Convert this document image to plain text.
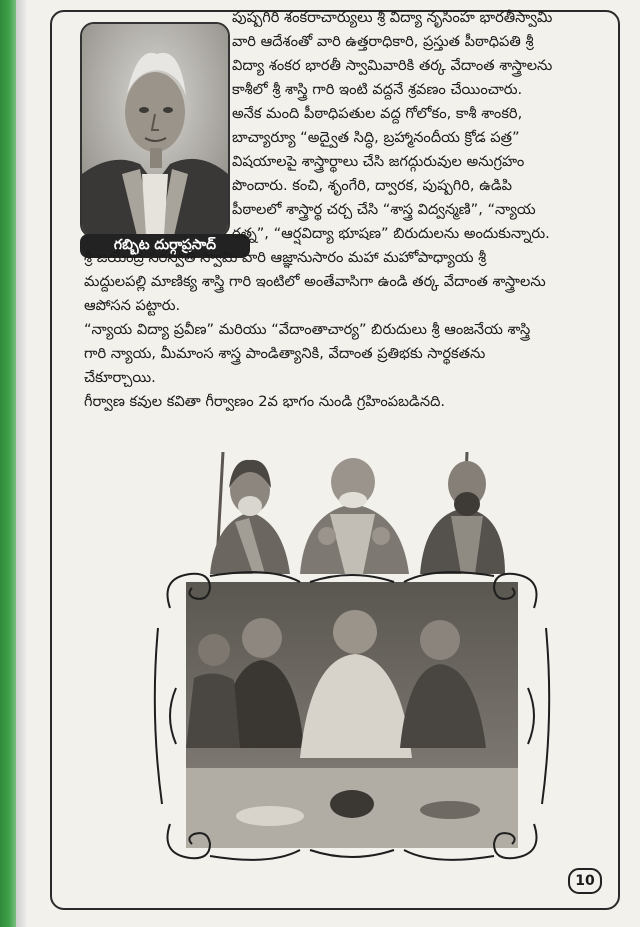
గబ్బిట దుర్గాప్రసాద్
పుష్పగిరి శంకరాచార్యులు శ్రీ విద్యా నృసింహ భారతీస్వామి
వారి ఆదేశంతో వారి ఉత్తరాధికారి, ప్రస్తుత పీఠాధిపతి శ్రీ
విద్యా శంకర భారతీ స్వామివారికి తర్క వేదాంత శాస్త్రాలను
కాశీలో శ్రీ శాస్త్రి గారి ఇంటి వద్దనే శ్రవణం చేయించారు.
అనేక మంది పీఠాధిపతుల వద్ద గోలోకం, కాశీ శాంకరి,
బాచ్యార్యూ “అద్వైత సిద్ధి, బ్రహ్మానందీయ క్రోడ పత్ర”
విషయాలపై శాస్త్రార్థాలు చేసి జగద్గురువుల అనుగ్రహం
పొందారు. కంచి, శృంగేరి, ద్వారక, పుష్పగిరి, ఉడిపి
పీఠాలలో శాస్త్రార్థ చర్చ చేసి “శాస్త్ర విద్వన్మణి”, “న్యాయ
రత్న”, “ఆర్షవిద్యా భూషణ” బిరుదులను అందుకున్నారు.
శ్రీ జయేంద్ర సరస్వతీ స్వామి వారి ఆజ్ఞానుసారం మహా మహోపాధ్యాయ శ్రీ
మద్దులపల్లి మాణిక్య శాస్త్రి గారి ఇంటిలో అంతేవాసిగా ఉండి తర్క వేదాంత శాస్త్రాలను
ఆపోసన పట్టారు.
“న్యాయ విద్యా ప్రవీణ” మరియు “వేదాంతాచార్య” బిరుదులు శ్రీ ఆంజనేయ శాస్త్రి
గారి న్యాయ, మీమాంస శాస్త్ర పాండిత్యానికి, వేదాంత ప్రతిభకు సార్థకతను
చేకూర్చాయి.
గీర్వాణ కవుల కవితా గీర్వాణం 2వ భాగం నుండి గ్రహింపబడినది.
10
